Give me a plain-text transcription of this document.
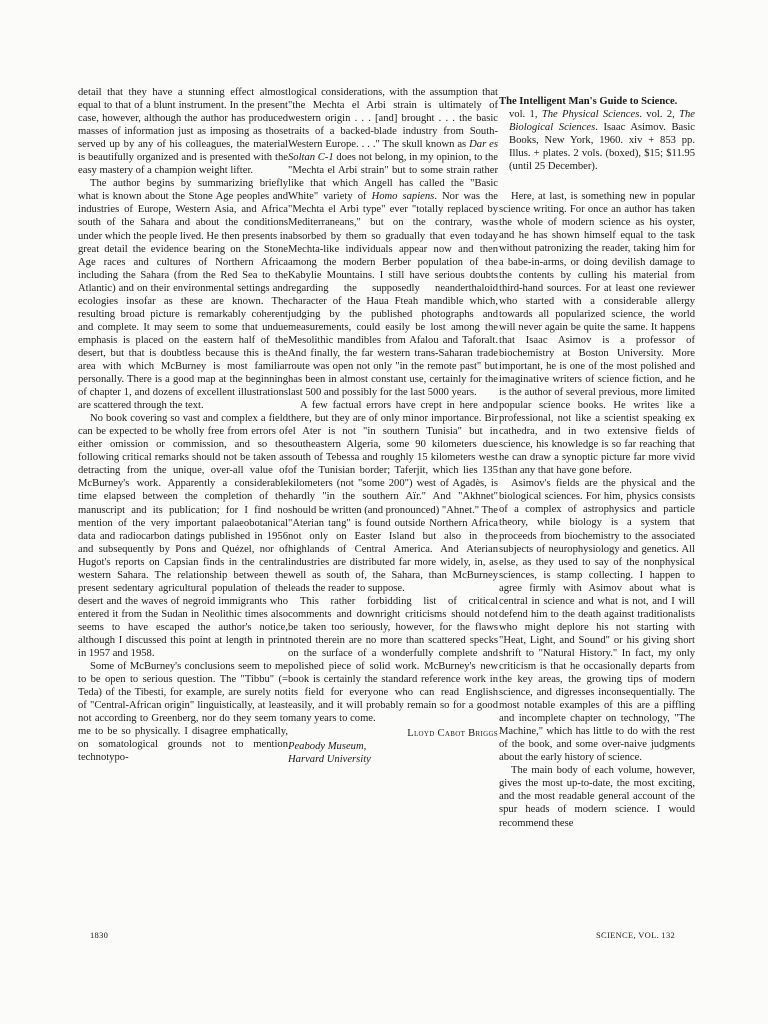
detail that they have a stunning effect almost equal to that of a blunt instrument. In the present case, however, although the author has produced masses of information just as imposing as those served up by any of his colleagues, the material is beautifully organized and is presented with the easy mastery of a champion weight lifter.

The author begins by summarizing briefly what is known about the Stone Age peoples and industries of Europe, Western Asia, and Africa south of the Sahara and about the conditions under which the people lived. He then presents in great detail the evidence bearing on the Stone Age races and cultures of Northern Africa including the Sahara (from the Red Sea to the Atlantic) and on their environmental settings and ecologies insofar as these are known. The resulting broad picture is remarkably coherent and complete. It may seem to some that undue emphasis is placed on the eastern half of the desert, but that is doubtless because this is the area with which McBurney is most familiar personally. There is a good map at the beginning of chapter 1, and dozens of excellent illustrations are scattered through the text.

No book covering so vast and complex a field can be expected to be wholly free from errors of either omission or commission, and so the following critical remarks should not be taken as detracting from the unique, over-all value of McBurney's work. Apparently a considerable time elapsed between the completion of the manuscript and its publication; for I find no mention of the very important palaeobotanical data and radiocarbon datings published in 1956 and subsequently by Pons and Quézel, nor of Hugot's reports on Capsian finds in the central western Sahara. The relationship between the present sedentary agricultural population of the desert and the waves of negroid immigrants who entered it from the Sudan in Neolithic times also seems to have escaped the author's notice, although I discussed this point at length in print in 1957 and 1958.

Some of McBurney's conclusions seem to me to be open to serious question. The "Tibbu" (= Teda) of the Tibesti, for example, are surely not of "Central-African origin" linguistically, at least not according to Greenberg, nor do they seem to me to be so physically. I disagree emphatically, on somatological grounds not to mention technotypo-

logical considerations, with the assumption that "the Mechta el Arbi strain is ultimately of western origin . . . [and] brought . . . the basic traits of a backed-blade industry from South-Western Europe. . . ." The skull known as Dar es Soltan C-1 does not belong, in my opinion, to the "Mechta el Arbi strain" but to some strain rather like that which Angell has called the "Basic White" variety of Homo sapiens. Nor was the "Mechta el Arbi type" ever "totally replaced by Mediterraneans," but on the contrary, was absorbed by them so gradually that even today Mechta-like individuals appear now and then among the modern Berber population of the Kabylie Mountains. I still have serious doubts regarding the supposedly neanderthaloid character of the Haua Fteah mandible which, judging by the published photographs and measurements, could easily be lost among the Mesolithic mandibles from Afalou and Taforalt. And finally, the far western trans-Saharan trade route was open not only "in the remote past" but has been in almost constant use, certainly for the last 500 and possibly for the last 5000 years.

A few factual errors have crept in here and there, but they are of only minor importance. Bir el Ater is not "in southern Tunisia" but in southeastern Algeria, some 90 kilometers due south of Tebessa and roughly 15 kilometers west of the Tunisian border; Taferjit, which lies 135 kilometers (not "some 200") west of Agadès, is hardly "in the southern Aïr." And "Akhnet" should be written (and pronounced) "Ahnet." The "Aterian tang" is found outside Northern Africa not only on Easter Island but also in the highlands of Central America. And Aterian industries are distributed far more widely, in, as well as south of, the Sahara, than McBurney leads the reader to suppose.

This rather forbidding list of critical comments and downright criticisms should not be taken too seriously, however, for the flaws noted therein are no more than scattered specks on the surface of a wonderfully complete and polished piece of solid work. McBurney's new book is certainly the standard reference work in its field for everyone who can read English easily, and it will probably remain so for a good many years to come.

Lloyd Cabot Briggs
Peabody Museum,
Harvard University
The Intelligent Man's Guide to Science.
vol. 1, The Physical Sciences. vol. 2, The Biological Sciences. Isaac Asimov. Basic Books, New York, 1960. xiv + 853 pp. Illus. + plates. 2 vols. (boxed), $15; $11.95 (until 25 December).

Here, at last, is something new in popular science writing. For once an author has taken the whole of modern science as his oyster, and he has shown himself equal to the task without patronizing the reader, taking him for a babe-in-arms, or doing devilish damage to the contents by culling his material from third-hand sources. For at least one reviewer who started with a considerable allergy towards all popularized science, the world will never again be quite the same. It happens that Isaac Asimov is a professor of biochemistry at Boston University. More important, he is one of the most polished and imaginative writers of science fiction, and he is the author of several previous, more limited popular science books. He writes like a professional, not like a scientist speaking ex cathedra, and in two extensive fields of science, his knowledge is so far reaching that he can draw a synoptic picture far more vivid than any that have gone before.

Asimov's fields are the physical and the biological sciences. For him, physics consists of a complex of astrophysics and particle theory, while biology is a system that proceeds from biochemistry to the associated subjects of neurophysiology and genetics. All else, as they used to say of the nonphysical sciences, is stamp collecting. I happen to agree firmly with Asimov about what is central in science and what is not, and I will defend him to the death against traditionalists who might deplore his not starting with "Heat, Light, and Sound" or his giving short shrift to "Natural History." In fact, my only criticism is that he occasionally departs from the key areas, the growing tips of modern science, and digresses inconsequentially. The most notable examples of this are a piffling and incomplete chapter on technology, "The Machine," which has little to do with the rest of the book, and some over-naive judgments about the early history of science.

The main body of each volume, however, gives the most up-to-date, the most exciting, and the most readable general account of the spur heads of modern science. I would recommend these

1830	SCIENCE, VOL. 132
